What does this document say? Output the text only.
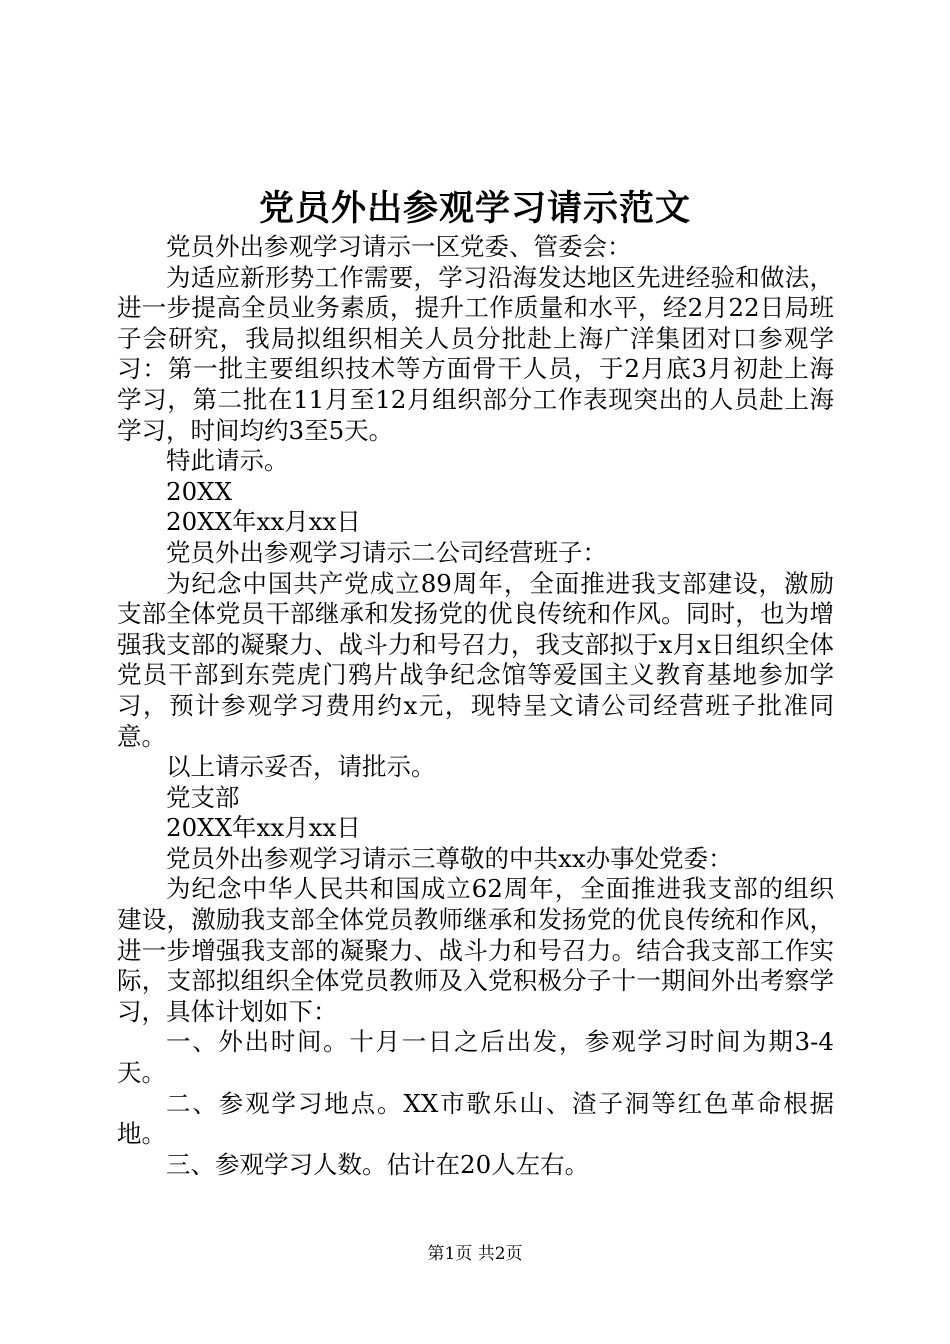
党员外出参观学习请示范文

党员外出参观学习请示一区党委、管委会：

为适应新形势工作需要，学习沿海发达地区先进经验和做法，进一步提高全员业务素质，提升工作质量和水平，经2月22日局班子会研究，我局拟组织相关人员分批赴上海广洋集团对口参观学习：第一批主要组织技术等方面骨干人员，于2月底3月初赴上海学习，第二批在11月至12月组织部分工作表现突出的人员赴上海学习，时间均约3至5天。

特此请示。

20XX

20XX年xx月xx日

党员外出参观学习请示二公司经营班子：

为纪念中国共产党成立89周年，全面推进我支部建设，激励支部全体党员干部继承和发扬党的优良传统和作风。同时，也为增强我支部的凝聚力、战斗力和号召力，我支部拟于x月x日组织全体党员干部到东莞虎门鸦片战争纪念馆等爱国主义教育基地参加学习，预计参观学习费用约x元，现特呈文请公司经营班子批准同意。

以上请示妥否，请批示。

党支部

20XX年xx月xx日

党员外出参观学习请示三尊敬的中共xx办事处党委：

为纪念中华人民共和国成立62周年，全面推进我支部的组织建设，激励我支部全体党员教师继承和发扬党的优良传统和作风，进一步增强我支部的凝聚力、战斗力和号召力。结合我支部工作实际，支部拟组织全体党员教师及入党积极分子十一期间外出考察学习，具体计划如下：

一、外出时间。十月一日之后出发，参观学习时间为期3-4天。

二、参观学习地点。XX市歌乐山、渣子洞等红色革命根据地。

三、参观学习人数。估计在20人左右。

第1页 共2页
